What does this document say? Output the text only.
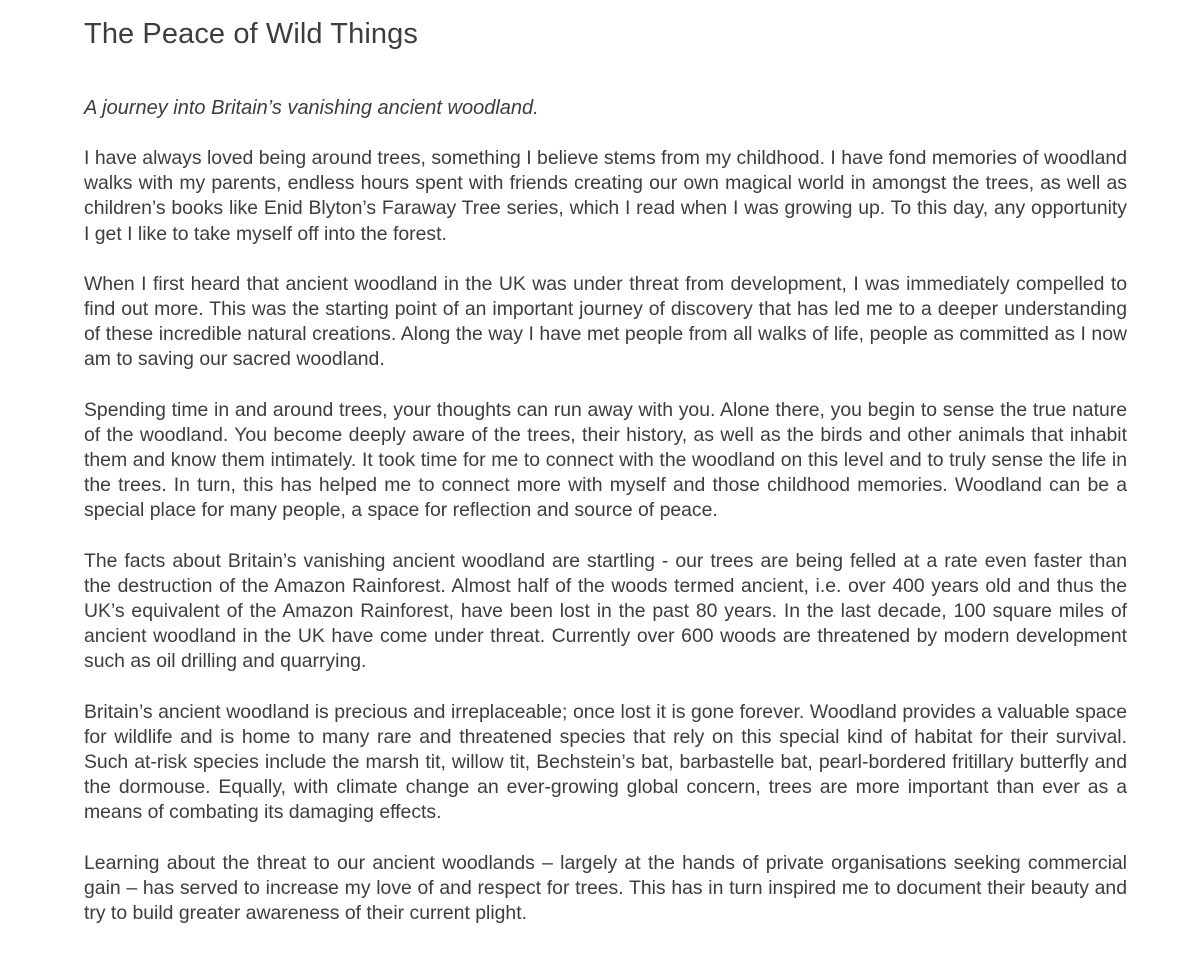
The Peace of Wild Things

A journey into Britain’s vanishing ancient woodland.

I have always loved being around trees, something I believe stems from my childhood. I have fond memories of woodland walks with my parents, endless hours spent with friends creating our own magical world in amongst the trees, as well as children’s books like Enid Blyton’s Faraway Tree series, which I read when I was growing up. To this day, any opportunity I get I like to take myself off into the forest.

When I first heard that ancient woodland in the UK was under threat from development, I was immediately compelled to find out more. This was the starting point of an important journey of discovery that has led me to a deeper understanding of these incredible natural creations. Along the way I have met people from all walks of life, people as committed as I now am to saving our sacred woodland.

Spending time in and around trees, your thoughts can run away with you. Alone there, you begin to sense the true nature of the woodland. You become deeply aware of the trees, their history, as well as the birds and other animals that inhabit them and know them intimately. It took time for me to connect with the woodland on this level and to truly sense the life in the trees. In turn, this has helped me to connect more with myself and those childhood memories. Woodland can be a special place for many people, a space for reflection and source of peace.

The facts about Britain’s vanishing ancient woodland are startling - our trees are being felled at a rate even faster than the destruction of the Amazon Rainforest. Almost half of the woods termed ancient, i.e. over 400 years old and thus the UK’s equivalent of the Amazon Rainforest, have been lost in the past 80 years. In the last decade, 100 square miles of ancient woodland in the UK have come under threat. Currently over 600 woods are threatened by modern development such as oil drilling and quarrying.

Britain’s ancient woodland is precious and irreplaceable; once lost it is gone forever. Woodland provides a valuable space for wildlife and is home to many rare and threatened species that rely on this special kind of habitat for their survival. Such at-risk species include the marsh tit, willow tit, Bechstein’s bat, barbastelle bat, pearl-bordered fritillary butterfly and the dormouse. Equally, with climate change an ever-growing global concern, trees are more important than ever as a means of combating its damaging effects.

Learning about the threat to our ancient woodlands – largely at the hands of private organisations seeking commercial gain – has served to increase my love of and respect for trees. This has in turn inspired me to document their beauty and try to build greater awareness of their current plight.
